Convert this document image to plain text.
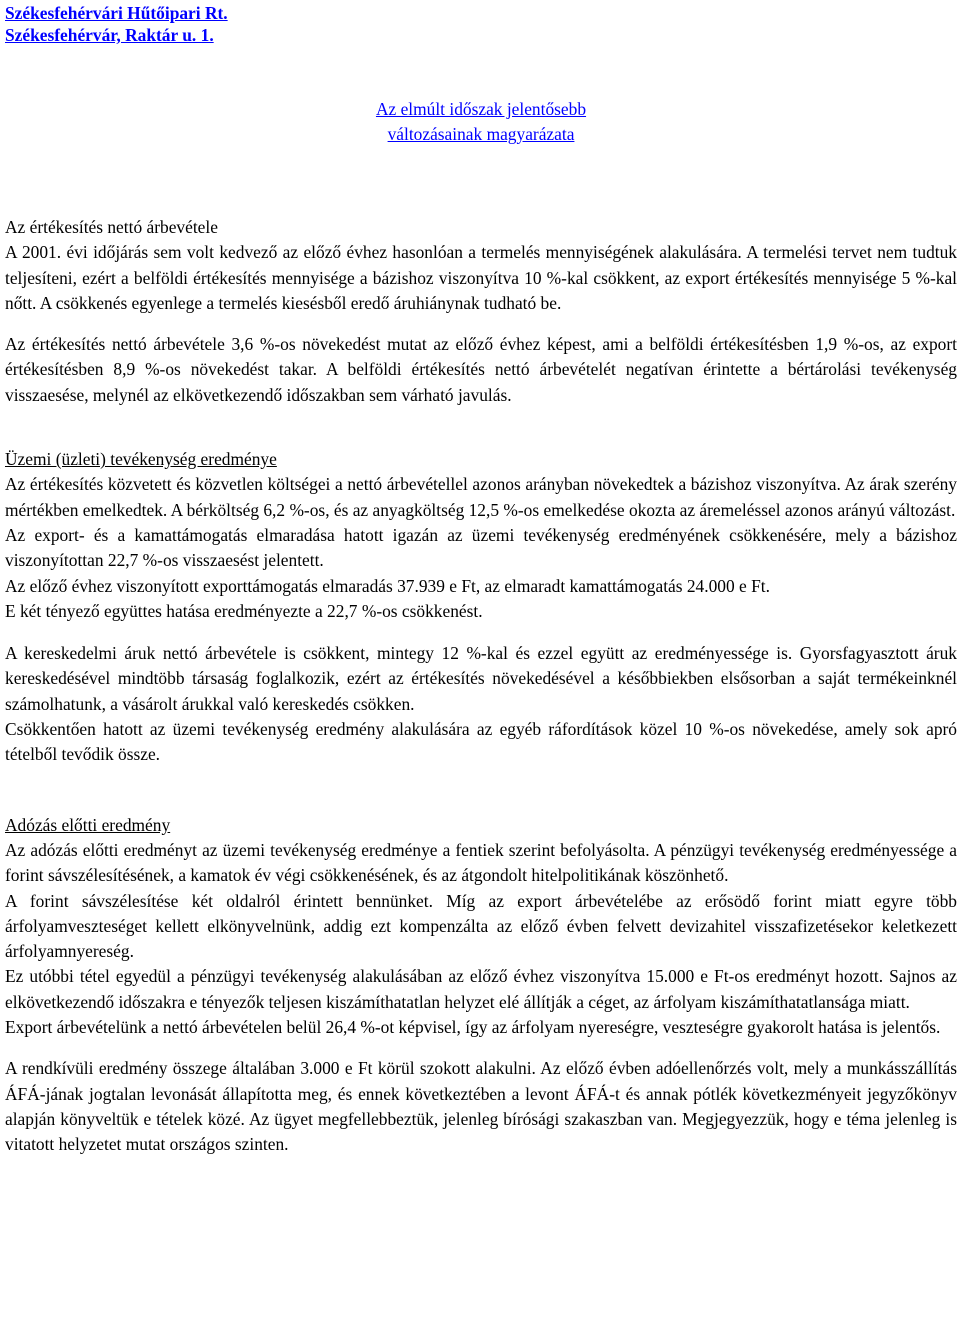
Székesfehérvári Hűtőipari Rt.
Székesfehérvár, Raktár u. 1.
Az elmúlt időszak jelentősebb
változásainak magyarázata

Az értékesítés nettó árbevétele

A 2001. évi időjárás sem volt kedvező az előző évhez hasonlóan a termelés mennyiségének alakulására. A termelési tervet nem tudtuk teljesíteni, ezért a belföldi értékesítés mennyisége a bázishoz viszonyítva 10 %-kal csökkent, az export értékesítés mennyisége 5 %-kal nőtt. A csökkenés egyenlege a termelés kiesésből eredő áruhiánynak tudható be.

Az értékesítés nettó árbevétele 3,6 %-os növekedést mutat az előző évhez képest, ami a belföldi értékesítésben 1,9 %-os, az export értékesítésben 8,9 %-os növekedést takar. A belföldi értékesítés nettó árbevételét negatívan érintette a bértárolási tevékenység visszaesése, melynél az elkövetkezendő időszakban sem várható javulás.

Üzemi (üzleti) tevékenység eredménye

Az értékesítés közvetett és közvetlen költségei a nettó árbevétellel azonos arányban növekedtek a bázishoz viszonyítva. Az árak szerény mértékben emelkedtek. A bérköltség 6,2 %-os, és az anyagköltség 12,5 %-os emelkedése okozta az áremeléssel azonos arányú változást.

Az export- és a kamattámogatás elmaradása hatott igazán az üzemi tevékenység eredményének csökkenésére, mely a bázishoz viszonyítottan 22,7 %-os visszaesést jelentett.

Az előző évhez viszonyított exporttámogatás elmaradás 37.939 e Ft, az elmaradt kamattámogatás 24.000 e Ft.

E két tényező együttes hatása eredményezte a 22,7 %-os csökkenést.

A kereskedelmi áruk nettó árbevétele is csökkent, mintegy 12 %-kal és ezzel együtt az eredményessége is. Gyorsfagyasztott áruk kereskedésével mindtöbb társaság foglalkozik, ezért az értékesítés növekedésével a későbbiekben elsősorban a saját termékeinknél számolhatunk, a vásárolt árukkal való kereskedés csökken.

Csökkentően hatott az üzemi tevékenység eredmény alakulására az egyéb ráfordítások közel 10 %-os növekedése, amely sok apró tételből tevődik össze.

Adózás előtti eredmény

Az adózás előtti eredményt az üzemi tevékenység eredménye a fentiek szerint befolyásolta. A pénzügyi tevékenység eredményessége a forint sávszélesítésének, a kamatok év végi csökkenésének, és az átgondolt hitelpolitikának köszönhető.

A forint sávszélesítése két oldalról érintett bennünket. Míg az export árbevételébe az erősödő forint miatt egyre több árfolyamveszteséget kellett elkönyvelnünk, addig ezt kompenzálta az előző évben felvett devizahitel visszafizetésekor keletkezett árfolyamnyereség.

Ez utóbbi tétel egyedül a pénzügyi tevékenység alakulásában az előző évhez viszonyítva 15.000 e Ft-os eredményt hozott. Sajnos az elkövetkezendő időszakra e tényezők teljesen kiszámíthatatlan helyzet elé állítják a céget, az árfolyam kiszámíthatatlansága miatt.

Export árbevételünk a nettó árbevételen belül 26,4 %-ot képvisel, így az árfolyam nyereségre, veszteségre gyakorolt hatása is jelentős.

A rendkívüli eredmény összege általában 3.000 e Ft körül szokott alakulni. Az előző évben adóellenőrzés volt, mely a munkásszállítás ÁFÁ-jának jogtalan levonását állapította meg, és ennek következtében a levont ÁFÁ-t és annak pótlék következményeit jegyzőkönyv alapján könyveltük e tételek közé. Az ügyet megfellebbeztük, jelenleg bírósági szakaszban van. Megjegyezzük, hogy e téma jelenleg is vitatott helyzetet mutat országos szinten.
